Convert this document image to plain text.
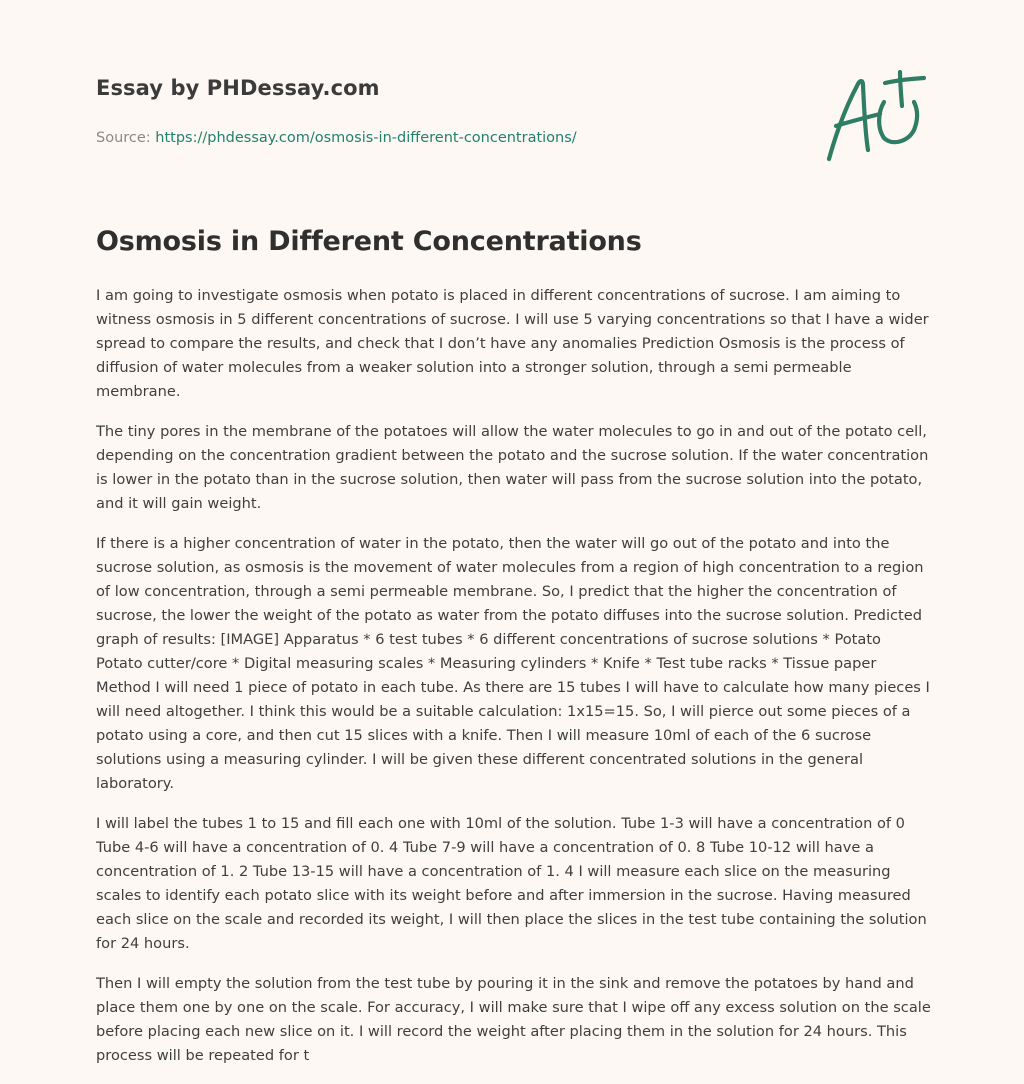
Essay by PHDessay.com
Source: https://phdessay.com/osmosis-in-different-concentrations/
Osmosis in Different Concentrations

I am going to investigate osmosis when potato is placed in different concentrations of sucrose. I am aiming to witness osmosis in 5 different concentrations of sucrose. I will use 5 varying concentrations so that I have a wider spread to compare the results, and check that I don’t have any anomalies Prediction Osmosis is the process of diffusion of water molecules from a weaker solution into a stronger solution, through a semi permeable membrane.

The tiny pores in the membrane of the potatoes will allow the water molecules to go in and out of the potato cell, depending on the concentration gradient between the potato and the sucrose solution. If the water concentration is lower in the potato than in the sucrose solution, then water will pass from the sucrose solution into the potato, and it will gain weight.

If there is a higher concentration of water in the potato, then the water will go out of the potato and into the sucrose solution, as osmosis is the movement of water molecules from a region of high concentration to a region of low concentration, through a semi permeable membrane. So, I predict that the higher the concentration of sucrose, the lower the weight of the potato as water from the potato diffuses into the sucrose solution. Predicted graph of results: [IMAGE] Apparatus * 6 test tubes * 6 different concentrations of sucrose solutions * Potato Potato cutter/core * Digital measuring scales * Measuring cylinders * Knife * Test tube racks * Tissue paper Method I will need 1 piece of potato in each tube. As there are 15 tubes I will have to calculate how many pieces I will need altogether. I think this would be a suitable calculation: 1x15=15. So, I will pierce out some pieces of a potato using a core, and then cut 15 slices with a knife. Then I will measure 10ml of each of the 6 sucrose solutions using a measuring cylinder. I will be given these different concentrated solutions in the general laboratory.

I will label the tubes 1 to 15 and fill each one with 10ml of the solution. Tube 1-3 will have a concentration of 0 Tube 4-6 will have a concentration of 0. 4 Tube 7-9 will have a concentration of 0. 8 Tube 10-12 will have a concentration of 1. 2 Tube 13-15 will have a concentration of 1. 4 I will measure each slice on the measuring scales to identify each potato slice with its weight before and after immersion in the sucrose. Having measured each slice on the scale and recorded its weight, I will then place the slices in the test tube containing the solution for 24 hours.

Then I will empty the solution from the test tube by pouring it in the sink and remove the potatoes by hand and place them one by one on the scale. For accuracy, I will make sure that I wipe off any excess solution on the scale before placing each new slice on it. I will record the weight after placing them in the solution for 24 hours. This process will be repeated for t
